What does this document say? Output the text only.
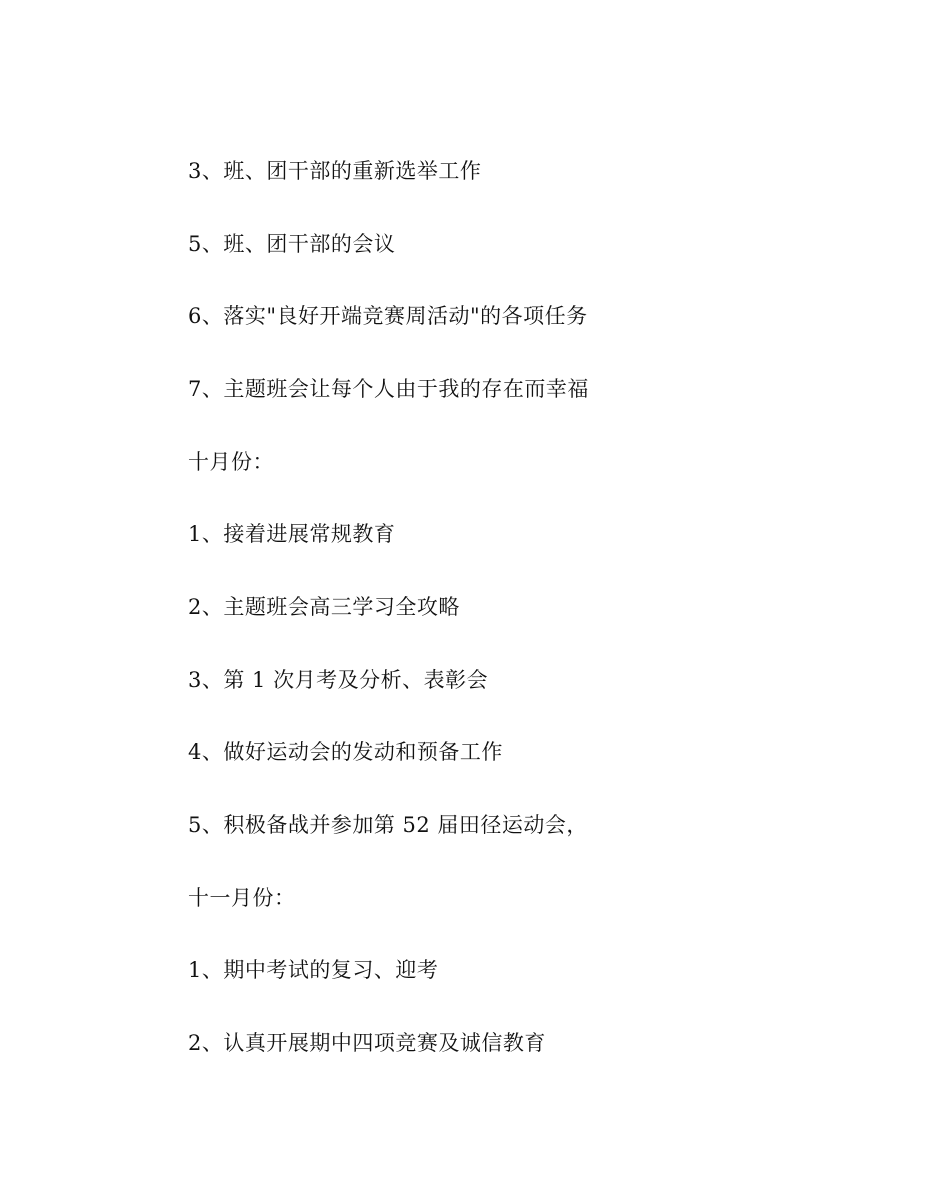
3、班、团干部的重新选举工作

5、班、团干部的会议

6、落实"良好开端竞赛周活动"的各项任务

7、主题班会让每个人由于我的存在而幸福

十月份：

1、接着进展常规教育

2、主题班会高三学习全攻略

3、第 1 次月考及分析、表彰会

4、做好运动会的发动和预备工作

5、积极备战并参加第 52 届田径运动会，

十一月份：

1、期中考试的复习、迎考

2、认真开展期中四项竞赛及诚信教育
